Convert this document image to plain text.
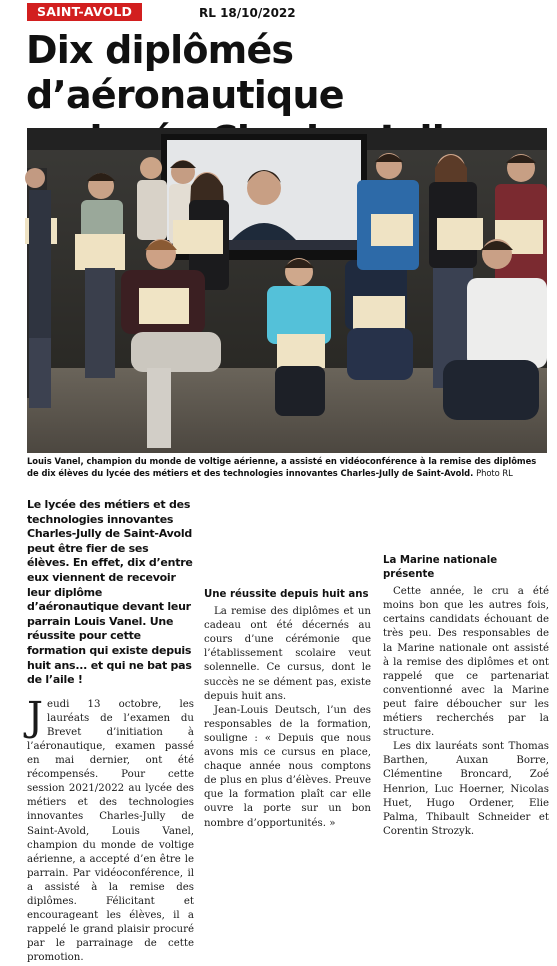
SAINT-AVOLD	RL 18/10/2022
Dix diplômés d’aéronautique

Louis Vanel, champion du monde de voltige aérienne, a assisté en vidéoconférence à la remise des diplômes de dix élèves du lycée des métiers et des technologies innovantes Charles-Jully de Saint-Avold. Photo RL

Le lycée des métiers et des technologies innovantes Charles-Jully de Saint-Avold peut être fier de ses élèves. En effet, dix d’entre eux viennent de recevoir leur diplôme d’aéronautique devant leur parrain Louis Vanel. Une réussite pour cette formation qui existe depuis huit ans... et qui ne bat pas de l’aile !

Jeudi 13 octobre, les lauréats de l’examen du Brevet d’initiation à l’aéronautique, examen passé en mai dernier, ont été récompensés. Pour cette session 2021/2022 au lycée des métiers et des technologies innovantes Charles-Jully de Saint-Avold, Louis Vanel, champion du monde de voltige aérienne, a accepté d’en être le parrain. Par vidéoconférence, il a assisté à la remise des diplômes. Félicitant et encourageant les élèves, il a rappelé le grand plaisir procuré par le parrainage de cette promotion.

Une réussite depuis huit ans

La remise des diplômes et un cadeau ont été décernés au cours d’une cérémonie que l’établissement scolaire veut solennelle. Ce cursus, dont le succès ne se dément pas, existe depuis huit ans.

Jean-Louis Deutsch, l’un des responsables de la formation, souligne : « Depuis que nous avons mis ce cursus en place, chaque année nous comptons de plus en plus d’élèves. Preuve que la formation plaît car elle ouvre la porte sur un bon nombre d’opportunités. »

La Marine nationale présente

Cette année, le cru a été moins bon que les autres fois, certains candidats échouant de très peu. Des responsables de la Marine nationale ont assisté à la remise des diplômes et ont rappelé que ce partenariat conventionné avec la Marine peut faire déboucher sur les métiers recherchés par la structure.

Les dix lauréats sont Thomas Barthen, Auxan Borre, Clémentine Broncard, Zoé Henrion, Luc Hoerner, Nicolas Huet, Hugo Ordener, Elie Palma, Thibault Schneider et Corentin Strozyk.
